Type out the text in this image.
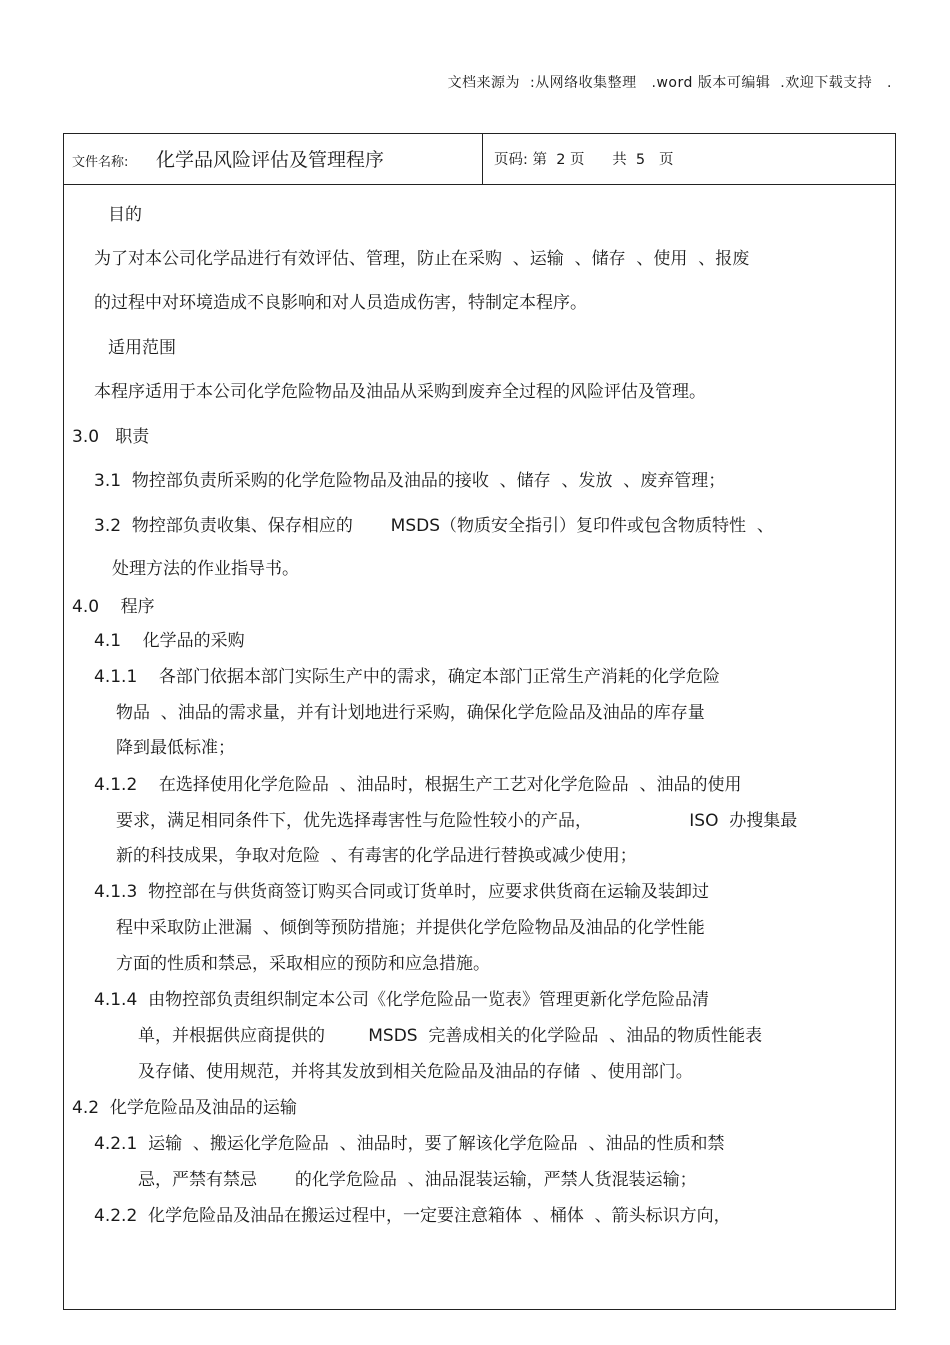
文档来源为  :从网络收集整理   .word 版本可编辑  .欢迎下载支持   .
文件名称: 化学品风险评估及管理程序	页码: 第  2 页      共  5   页
目的
为了对本公司化学品进行有效评估、管理，防止在采购  、运输  、储存  、使用  、报废
的过程中对环境造成不良影响和对人员造成伤害，特制定本程序。
适用范围
本程序适用于本公司化学危险物品及油品从采购到废弃全过程的风险评估及管理。
3.0   职责
3.1  物控部负责所采购的化学危险物品及油品的接收  、储存  、发放  、废弃管理；
3.2  物控部负责收集、保存相应的       MSDS（物质安全指引）复印件或包含物质特性  、
处理方法的作业指导书。
4.0    程序
4.1    化学品的采购
4.1.1    各部门依据本部门实际生产中的需求，确定本部门正常生产消耗的化学危险
物品  、油品的需求量，并有计划地进行采购，确保化学危险品及油品的库存量
降到最低标准；
4.1.2    在选择使用化学危险品  、油品时，根据生产工艺对化学危险品  、油品的使用
要求，满足相同条件下，优先选择毒害性与危险性较小的产品，                  ISO  办搜集最
新的科技成果，争取对危险  、有毒害的化学品进行替换或减少使用；
4.1.3  物控部在与供货商签订购买合同或订货单时，应要求供货商在运输及装卸过
程中采取防止泄漏  、倾倒等预防措施；并提供化学危险物品及油品的化学性能
方面的性质和禁忌，采取相应的预防和应急措施。
4.1.4  由物控部负责组织制定本公司《化学危险品一览表》管理更新化学危险品清
单，并根据供应商提供的        MSDS  完善成相关的化学险品  、油品的物质性能表
及存储、使用规范，并将其发放到相关危险品及油品的存储  、使用部门。
4.2  化学危险品及油品的运输
4.2.1  运输  、搬运化学危险品  、油品时，要了解该化学危险品  、油品的性质和禁
忌，严禁有禁忌       的化学危险品  、油品混装运输，严禁人货混装运输；
4.2.2  化学危险品及油品在搬运过程中，一定要注意箱体  、桶体  、箭头标识方向，
